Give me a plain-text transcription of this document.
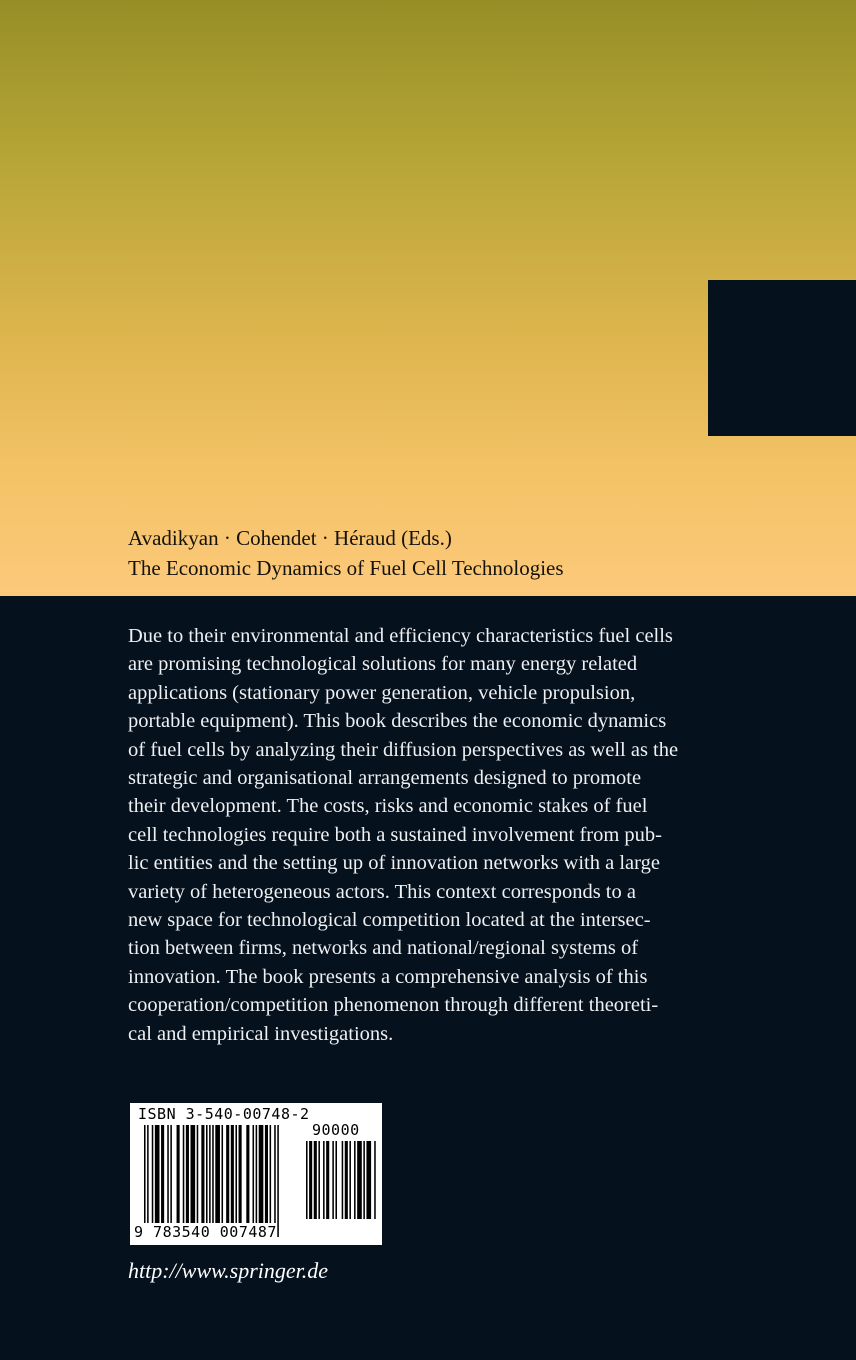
Avadikyan · Cohendet · Héraud (Eds.)
The Economic Dynamics of Fuel Cell Technologies
Due to their environmental and efficiency characteristics fuel cells
are promising technological solutions for many energy related
applications (stationary power generation, vehicle propulsion,
portable equipment). This book describes the economic dynamics
of fuel cells by analyzing their diffusion perspectives as well as the
strategic and organisational arrangements designed to promote
their development. The costs, risks and economic stakes of fuel
cell technologies require both a sustained involvement from pub-
lic entities and the setting up of innovation networks with a large
variety of heterogeneous actors. This context corresponds to a
new space for technological competition located at the intersec-
tion between firms, networks and national/regional systems of
innovation. The book presents a comprehensive analysis of this
cooperation/competition phenomenon through different theoreti-
cal and empirical investigations.
ISBN 3-540-00748-2
90000
9 783540 007487
http://www.springer.de
